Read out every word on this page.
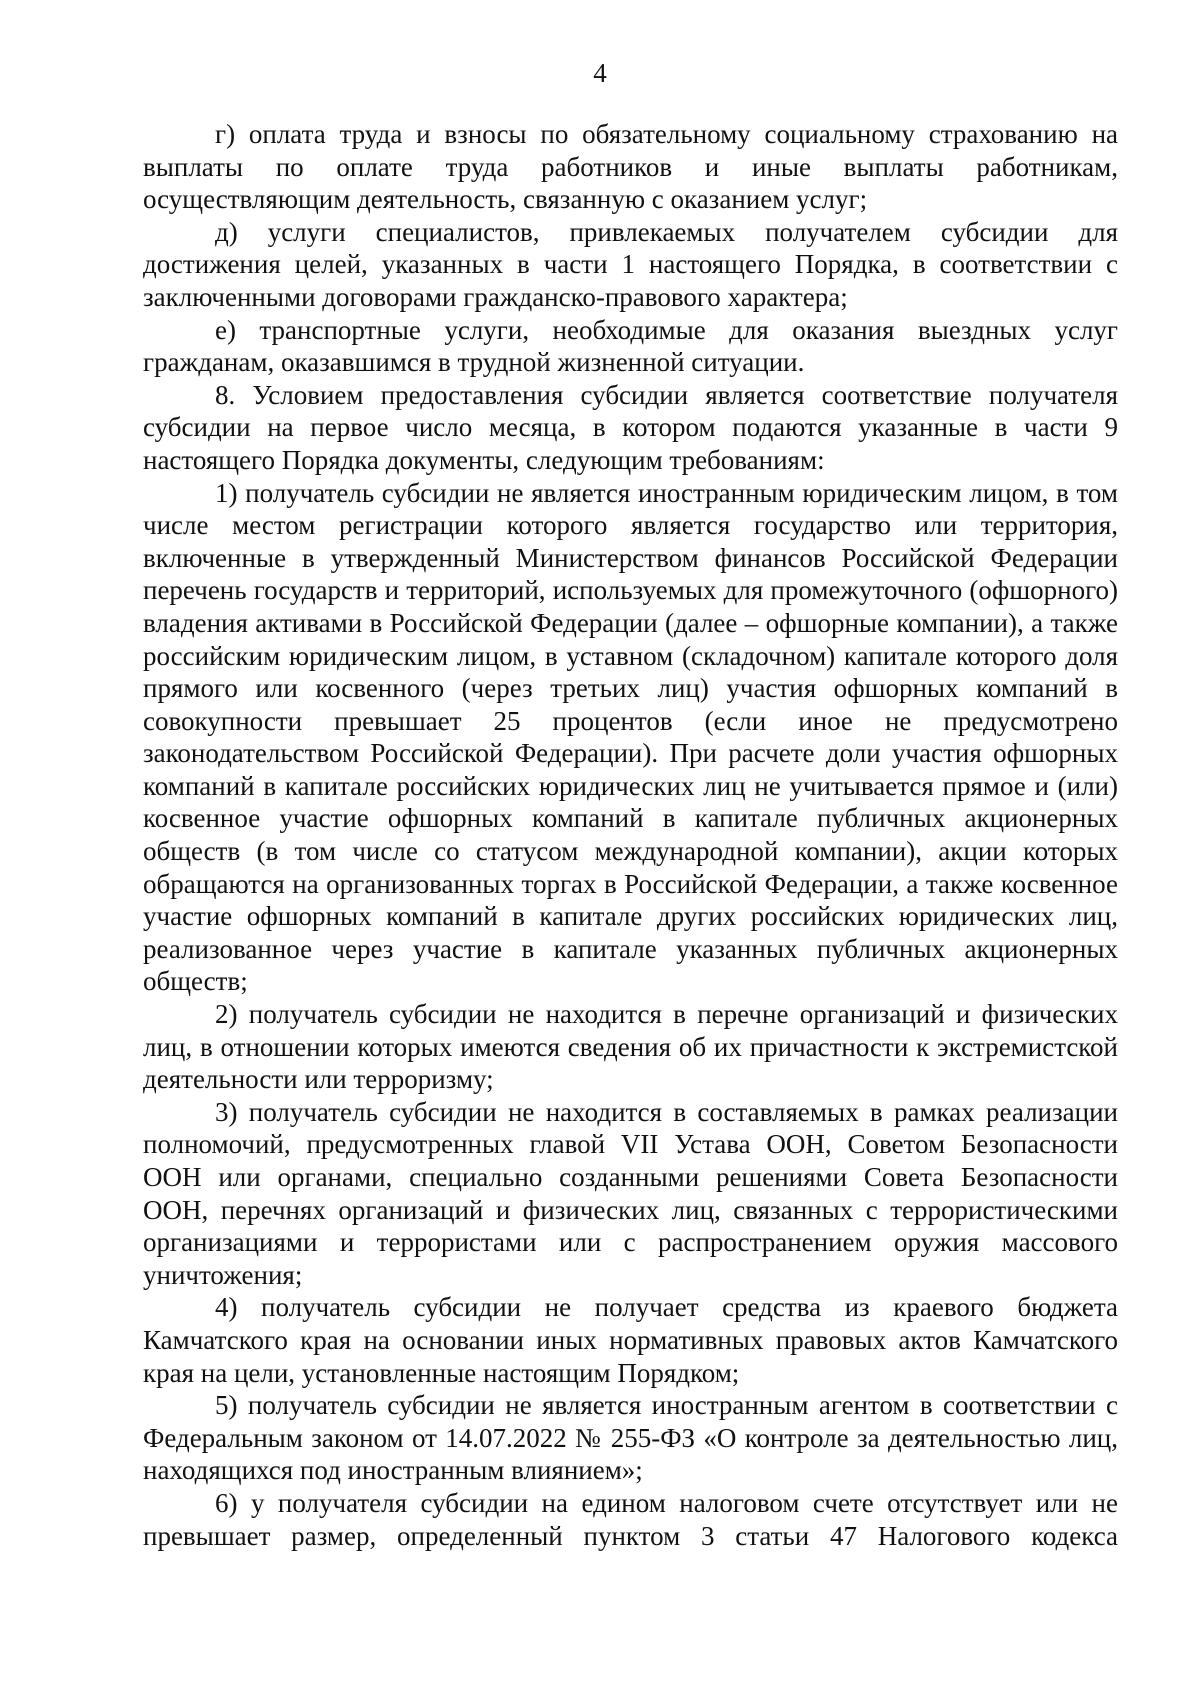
4

г) оплата труда и взносы по обязательному социальному страхованию на выплаты по оплате труда работников и иные выплаты работникам, осуществляющим деятельность, связанную с оказанием услуг;

д) услуги специалистов, привлекаемых получателем субсидии для достижения целей, указанных в части 1 настоящего Порядка, в соответствии с заключенными договорами гражданско-правового характера;

е) транспортные услуги, необходимые для оказания выездных услуг гражданам, оказавшимся в трудной жизненной ситуации.

8. Условием предоставления субсидии является соответствие получателя субсидии на первое число месяца, в котором подаются указанные в части 9 настоящего Порядка документы, следующим требованиям:

1) получатель субсидии не является иностранным юридическим лицом, в том числе местом регистрации которого является государство или территория, включенные в утвержденный Министерством финансов Российской Федерации перечень государств и территорий, используемых для промежуточного (офшорного) владения активами в Российской Федерации (далее – офшорные компании), а также российским юридическим лицом, в уставном (складочном) капитале которого доля прямого или косвенного (через третьих лиц) участия офшорных компаний в совокупности превышает 25 процентов (если иное не предусмотрено законодательством Российской Федерации). При расчете доли участия офшорных компаний в капитале российских юридических лиц не учитывается прямое и (или) косвенное участие офшорных компаний в капитале публичных акционерных обществ (в том числе со статусом международной компании), акции которых обращаются на организованных торгах в Российской Федерации, а также косвенное участие офшорных компаний в капитале других российских юридических лиц, реализованное через участие в капитале указанных публичных акционерных обществ;

2) получатель субсидии не находится в перечне организаций и физических лиц, в отношении которых имеются сведения об их причастности к экстремистской деятельности или терроризму;

3) получатель субсидии не находится в составляемых в рамках реализации полномочий, предусмотренных главой VII Устава ООН, Советом Безопасности ООН или органами, специально созданными решениями Совета Безопасности ООН, перечнях организаций и физических лиц, связанных с террористическими организациями и террористами или с распространением оружия массового уничтожения;

4) получатель субсидии не получает средства из краевого бюджета Камчатского края на основании иных нормативных правовых актов Камчатского края на цели, установленные настоящим Порядком;

5) получатель субсидии не является иностранным агентом в соответствии с Федеральным законом от 14.07.2022 № 255-ФЗ «О контроле за деятельностью лиц, находящихся под иностранным влиянием»;

6) у получателя субсидии на едином налоговом счете отсутствует или не превышает размер, определенный пунктом 3 статьи 47 Налогового кодекса
